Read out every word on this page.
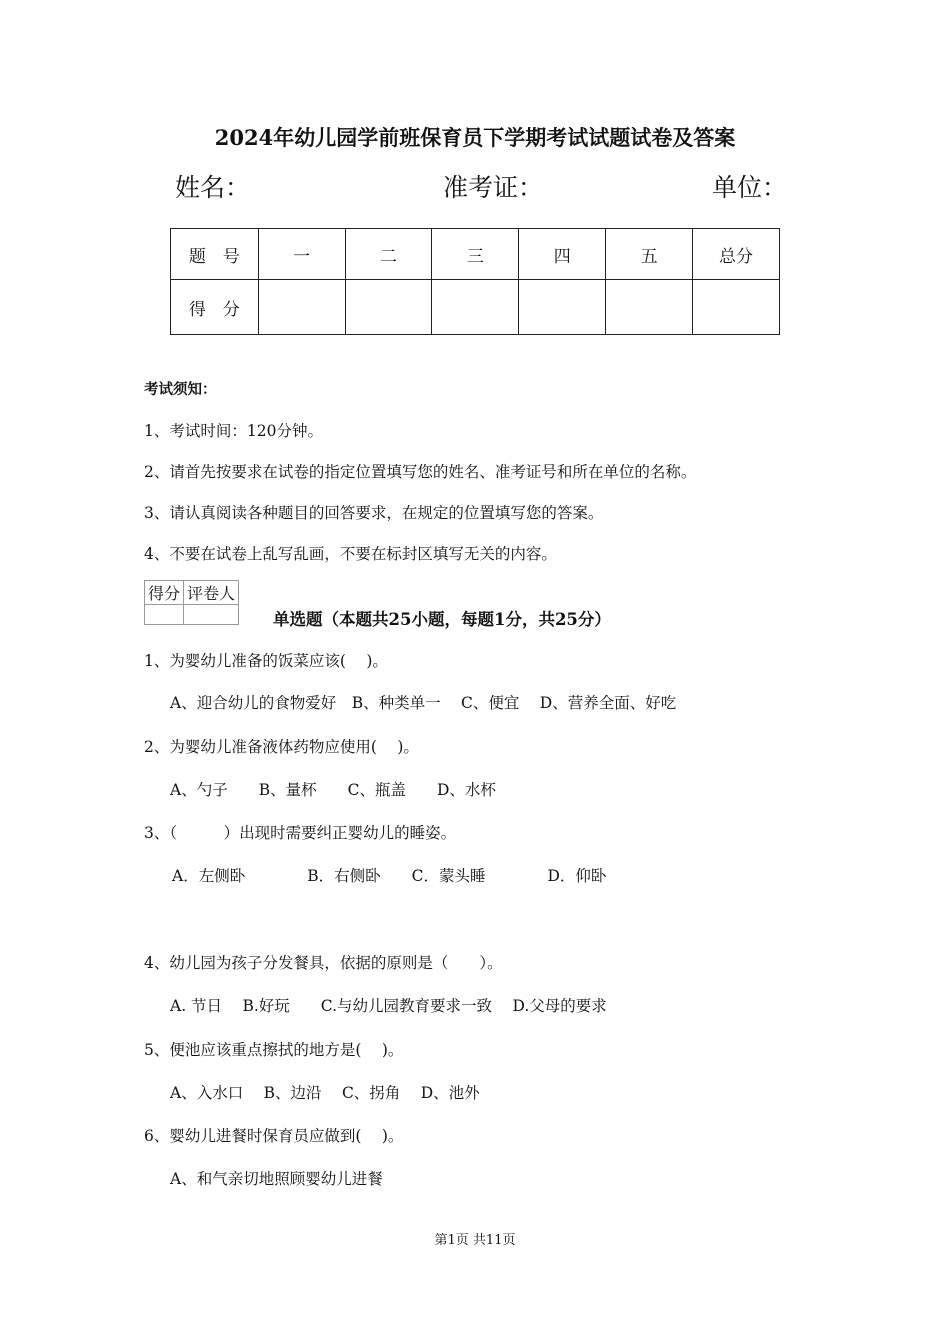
2024年幼儿园学前班保育员下学期考试试题试卷及答案
姓名：	准考证：	单位：
题　号	一	二	三	四	五	总分
得　分						
考试须知：
1、考试时间：120分钟。
2、请首先按要求在试卷的指定位置填写您的姓名、准考证号和所在单位的名称。
3、请认真阅读各种题目的回答要求，在规定的位置填写您的答案。
4、不要在试卷上乱写乱画，不要在标封区填写无关的内容。
得分	评卷人

单选题（本题共25小题，每题1分，共25分）
1、为婴幼儿准备的饭菜应该(　 )。
A、迎合幼儿的食物爱好　B、种类单一　 C、便宜　 D、营养全面、好吃
2、为婴幼儿准备液体药物应使用(　 )。
A、勺子　　B、量杯　　C、瓶盖　　D、水杯
3、（　　　）出现时需要纠正婴幼儿的睡姿。
A．左侧卧　　　　B．右侧卧　　C．蒙头睡　　　　D．仰卧
4、幼儿园为孩子分发餐具，依据的原则是（　　）。
A. 节日　 B.好玩　　C.与幼儿园教育要求一致　 D.父母的要求
5、便池应该重点擦拭的地方是(　 )。
A、入水口　 B、边沿　 C、拐角　 D、池外
6、婴幼儿进餐时保育员应做到(　 )。
A、和气亲切地照顾婴幼儿进餐
第1页 共11页
